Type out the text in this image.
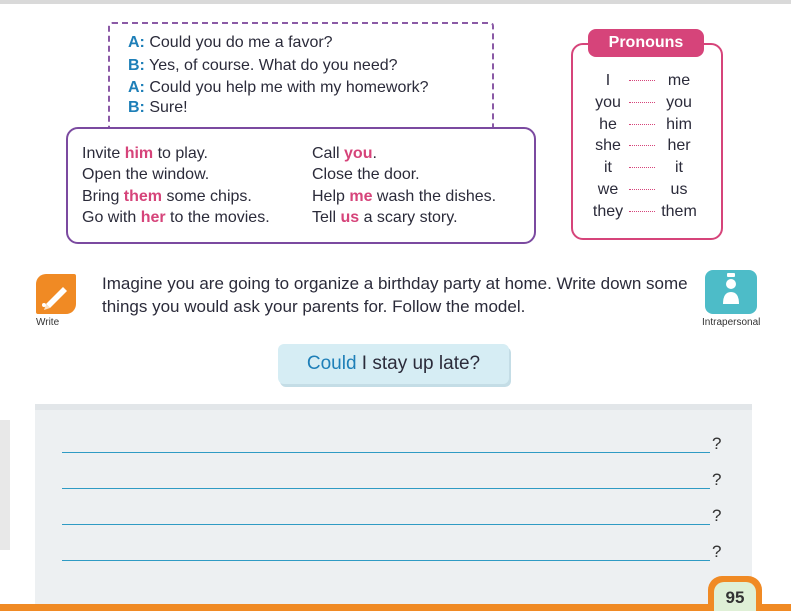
A: Could you do me a favor?
B: Yes, of course. What do you need?
A: Could you help me with my homework?
B: Sure!
Invite him to play.
Open the window.
Bring them some chips.
Go with her to the movies.
Call you.
Close the door.
Help me wash the dishes.
Tell us a scary story.
Pronouns
I	me
you	you
he	him
she	her
it	it
we	us
they	them
Write
Imagine you are going to organize a birthday party at home. Write down some things you would ask your parents for. Follow the model.
Intrapersonal
Could I stay up late?
?
?
?
?
95
